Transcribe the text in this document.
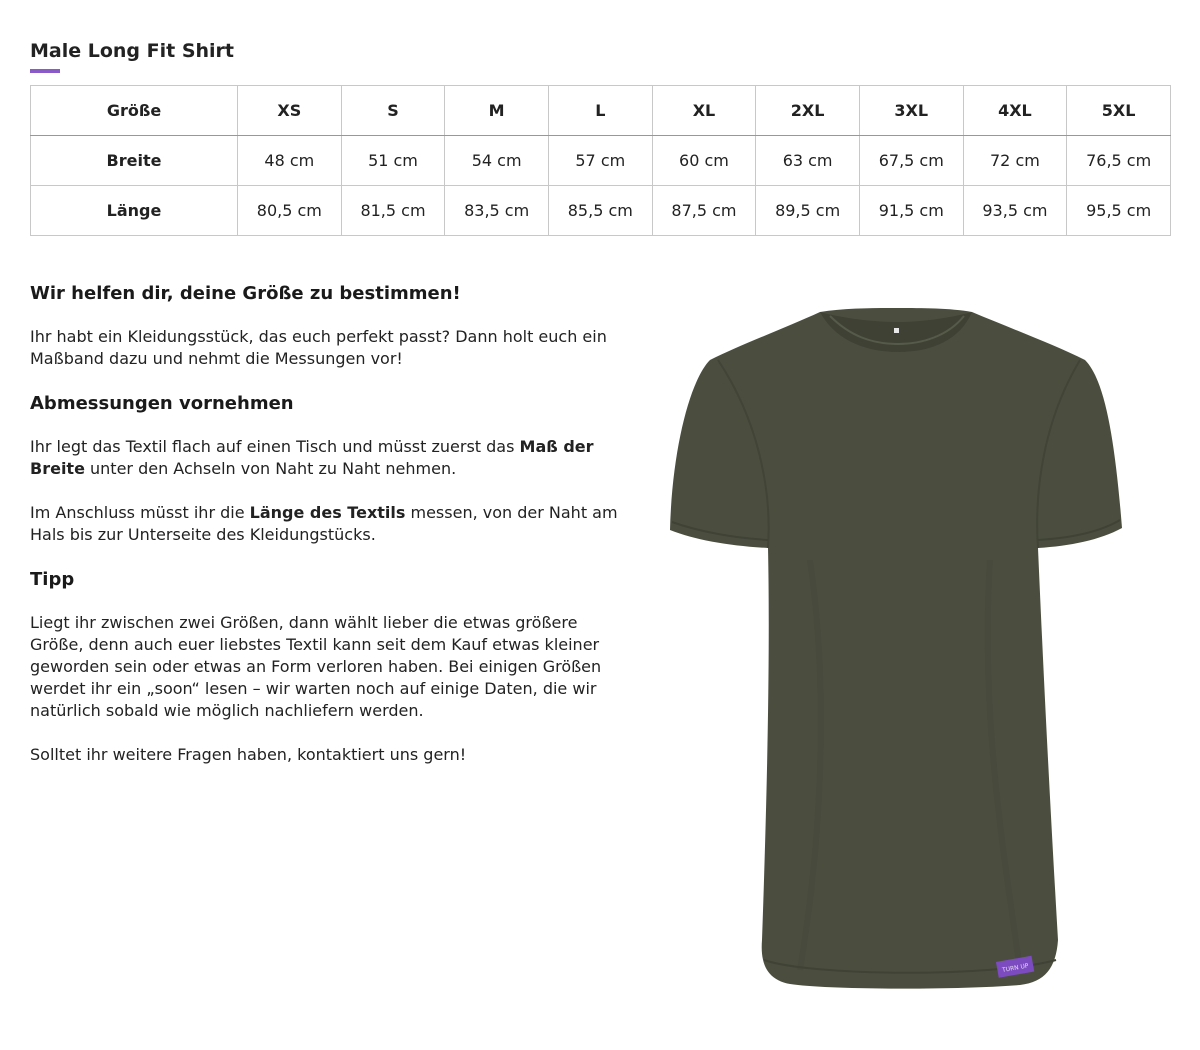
Male Long Fit Shirt
Größe	XS	S	M	L	XL	2XL	3XL	4XL	5XL
Breite	48 cm	51 cm	54 cm	57 cm	60 cm	63 cm	67,5 cm	72 cm	76,5 cm
Länge	80,5 cm	81,5 cm	83,5 cm	85,5 cm	87,5 cm	89,5 cm	91,5 cm	93,5 cm	95,5 cm
Wir helfen dir, deine Größe zu bestimmen!

Ihr habt ein Kleidungsstück, das euch perfekt passt? Dann holt euch ein Maßband dazu und nehmt die Messungen vor!

Abmessungen vornehmen

Ihr legt das Textil flach auf einen Tisch und müsst zuerst das Maß der Breite unter den Achseln von Naht zu Naht nehmen.

Im Anschluss müsst ihr die Länge des Textils messen, von der Naht am Hals bis zur Unterseite des Kleidungstücks.

Tipp

Liegt ihr zwischen zwei Größen, dann wählt lieber die etwas größere Größe, denn auch euer liebstes Textil kann seit dem Kauf etwas kleiner geworden sein oder etwas an Form verloren haben. Bei einigen Größen werdet ihr ein „soon“ lesen – wir warten noch auf einige Daten, die wir natürlich sobald wie möglich nachliefern werden.

Solltet ihr weitere Fragen haben, kontaktiert uns gern!

TURN UP
